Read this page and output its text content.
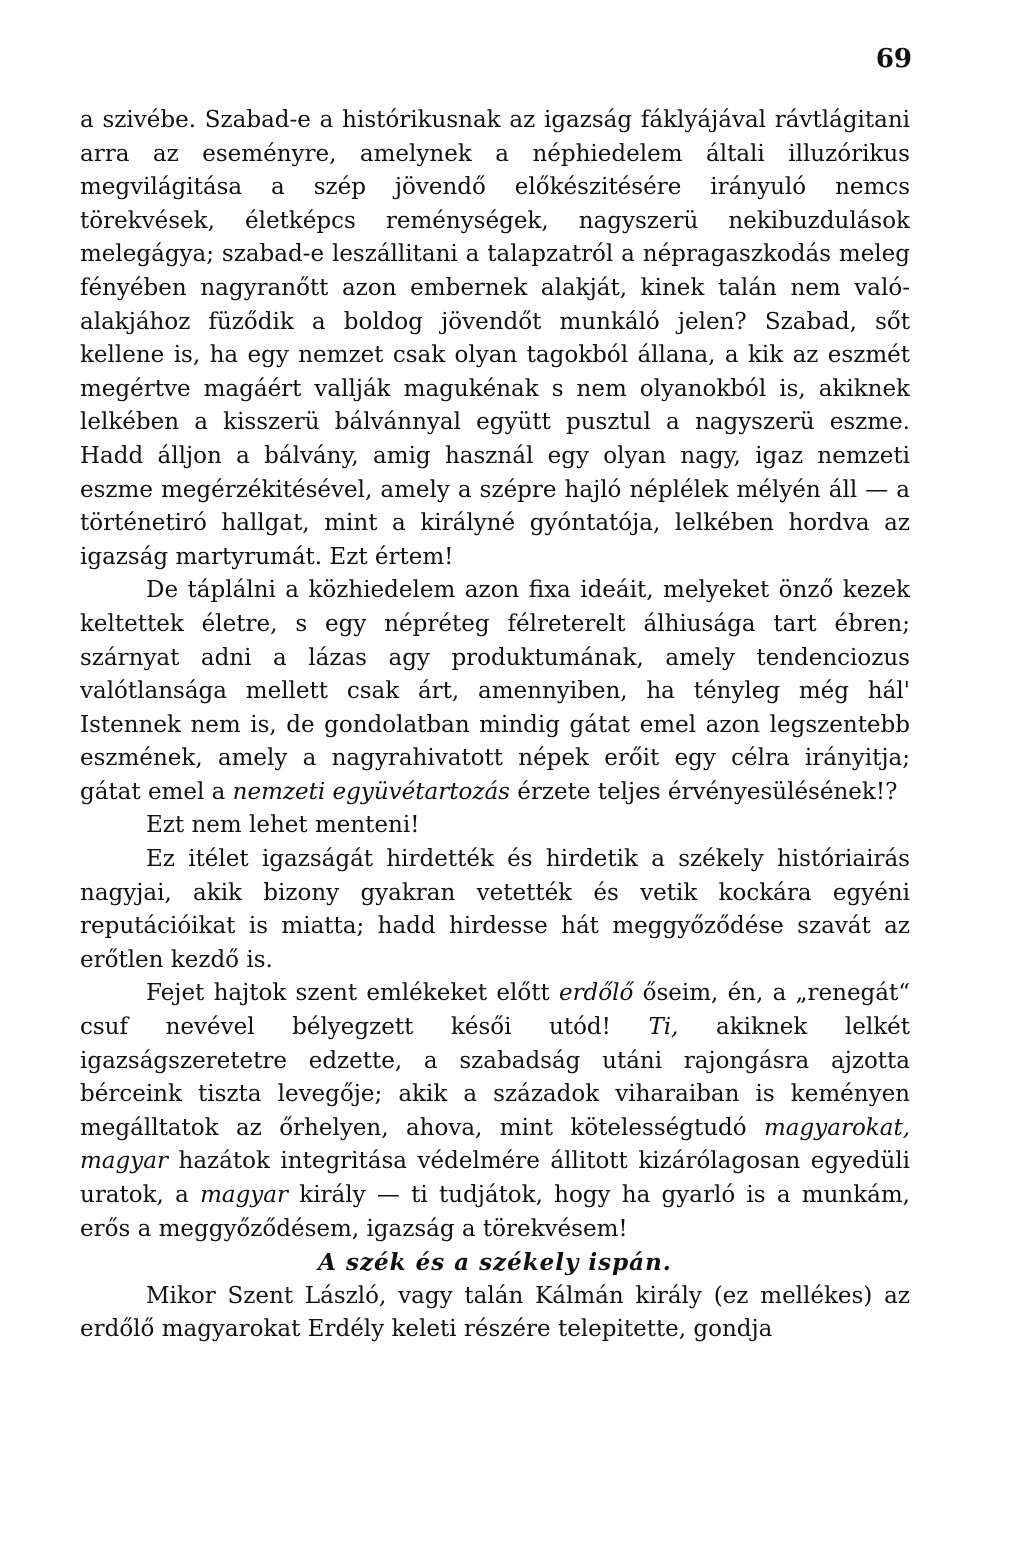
69

a szivébe. Szabad-e a histórikusnak az igazság fáklyájával rávtlágitani arra az eseményre, amelynek a néphiedelem általi illuzórikus megvilágitása a szép jövendő előkészitésére irányuló nemcs törekvések, életképcs reménységek, nagyszerü nekibuzdulások melegágya; szabad-e leszállitani a talapzatról a népragaszkodás meleg fényében nagyranőtt azon embernek alakját, kinek talán nem való-alakjához füződik a boldog jövendőt munkáló jelen? Szabad, sőt kellene is, ha egy nemzet csak olyan tagokból állana, a kik az eszmét megértve magáért vallják magukénak s nem olyanokból is, akiknek lelkében a kisszerü bálvánnyal együtt pusztul a nagyszerü eszme. Hadd álljon a bálvány, amig használ egy olyan nagy, igaz nemzeti eszme megérzékitésével, amely a szépre hajló néplélek mélyén áll — a történetiró hallgat, mint a királyné gyóntatója, lelkében hordva az igazság martyrumát. Ezt értem!

De táplálni a közhiedelem azon fixa ideáit, melyeket önző kezek keltettek életre, s egy népréteg félreterelt álhiusága tart ébren; szárnyat adni a lázas agy produktumának, amely tendenciozus valótlansága mellett csak árt, amennyiben, ha tényleg még hál' Istennek nem is, de gondolatban mindig gátat emel azon legszentebb eszmének, amely a nagyrahivatott népek erőit egy célra irányitja; gátat emel a nemzeti együvétartozás érzete teljes érvényesülésének!?

Ezt nem lehet menteni!

Ez itélet igazságát hirdették és hirdetik a székely históriairás nagyjai, akik bizony gyakran vetették és vetik kockára egyéni reputációikat is miatta; hadd hirdesse hát meggyőződése szavát az erőtlen kezdő is.

Fejet hajtok szent emlékeket előtt erdőlő őseim, én, a „renegát“ csuf nevével bélyegzett késői utód! Ti, akiknek lelkét igazságszeretetre edzette, a szabadság utáni rajongásra ajzotta bérceink tiszta levegője; akik a századok viharaiban is keményen megálltatok az őrhelyen, ahova, mint kötelességtudó magyarokat, magyar hazátok integritása védelmére állitott kizárólagosan egyedüli uratok, a magyar király — ti tudjátok, hogy ha gyarló is a munkám, erős a meggyőződésem, igazság a törekvésem!

A szék és a székely ispán.

Mikor Szent László, vagy talán Kálmán király (ez mellékes) az erdőlő magyarokat Erdély keleti részére telepitette, gondja
